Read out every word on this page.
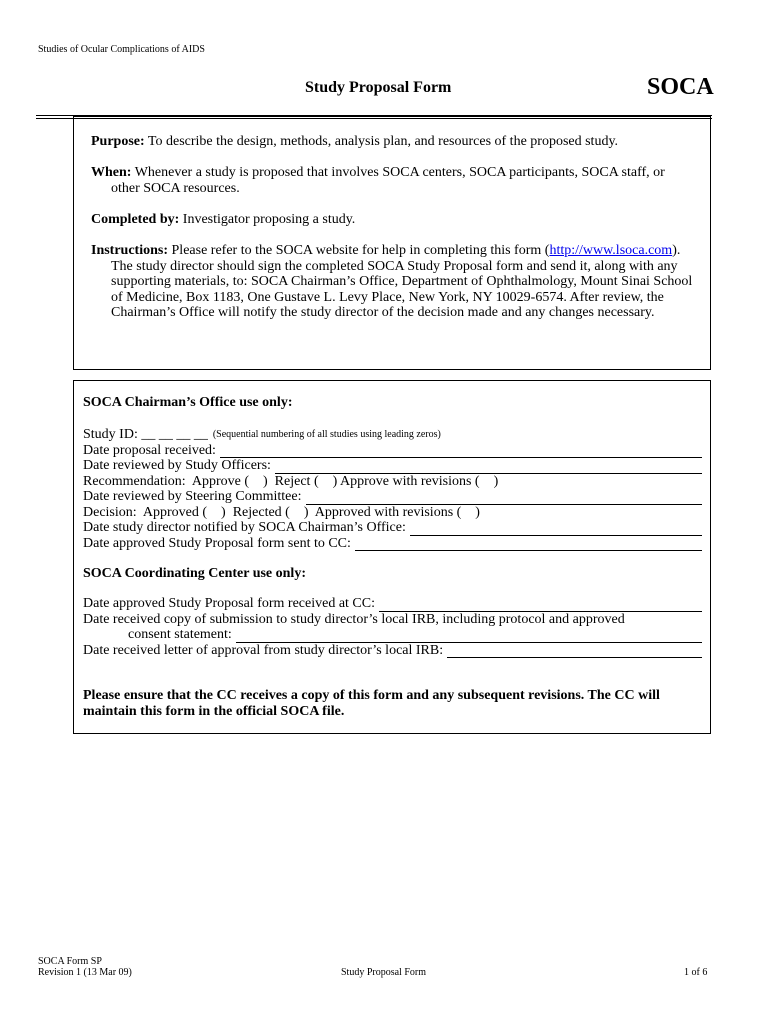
Studies of Ocular Complications of AIDS
Study Proposal Form	SOCA
Purpose: To describe the design, methods, analysis plan, and resources of the proposed study.
When: Whenever a study is proposed that involves SOCA centers, SOCA participants, SOCA staff, or other SOCA resources.
Completed by: Investigator proposing a study.
Instructions: Please refer to the SOCA website for help in completing this form (http://www.lsoca.com). The study director should sign the completed SOCA Study Proposal form and send it, along with any supporting materials, to: SOCA Chairman’s Office, Department of Ophthalmology, Mount Sinai School of Medicine, Box 1183, One Gustave L. Levy Place, New York, NY 10029-6574. After review, the Chairman’s Office will notify the study director of the decision made and any changes necessary.
SOCA Chairman’s Office use only:
Study ID: __ __ __ __ (Sequential numbering of all studies using leading zeros)
Date proposal received:
Date reviewed by Study Officers:
Recommendation:  Approve (    )  Reject (    ) Approve with revisions (    )
Date reviewed by Steering Committee:
Decision:  Approved (    )  Rejected (    )  Approved with revisions (    )
Date study director notified by SOCA Chairman’s Office:
Date approved Study Proposal form sent to CC:
SOCA Coordinating Center use only:
Date approved Study Proposal form received at CC:
Date received copy of submission to study director’s local IRB, including protocol and approved
consent statement:
Date received letter of approval from study director’s local IRB:
Please ensure that the CC receives a copy of this form and any subsequent revisions. The CC will maintain this form in the official SOCA file.
SOCA Form SP
Revision 1 (13 Mar 09)	Study Proposal Form	1 of 6
